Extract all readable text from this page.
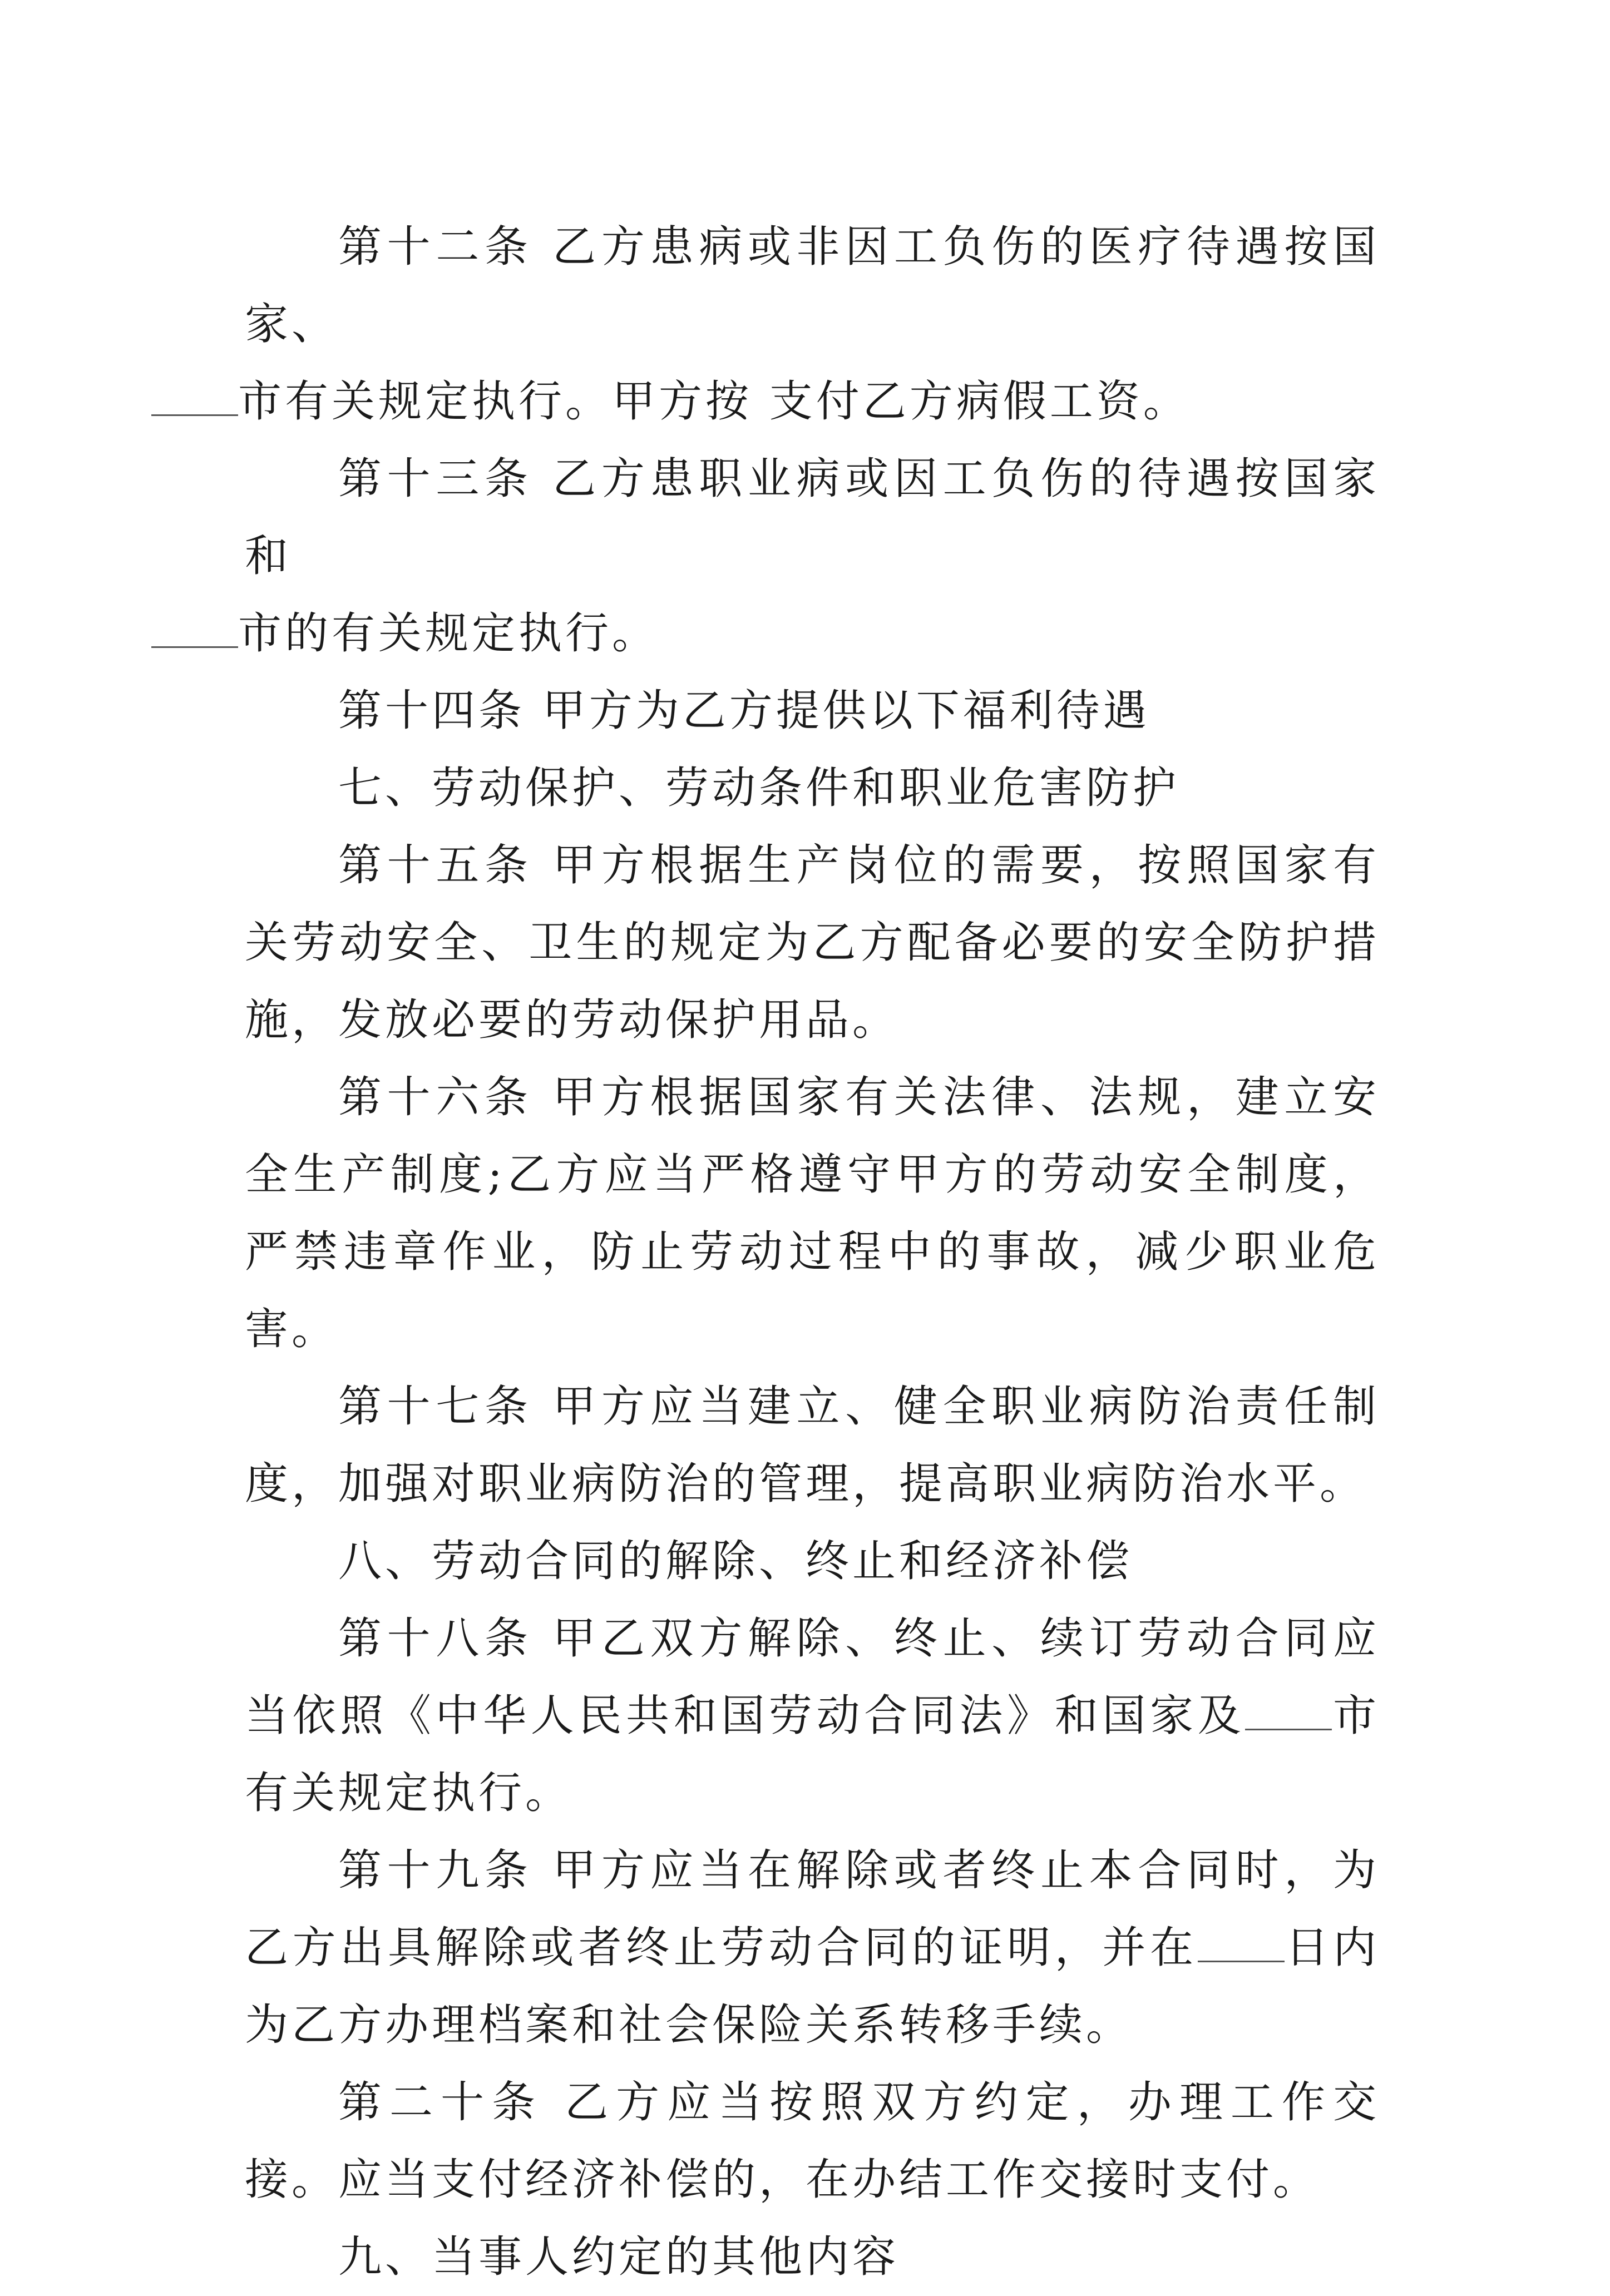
第十二条 乙方患病或非因工负伤的医疗待遇按国家、
市有关规定执行。甲方按 支付乙方病假工资。

第十三条 乙方患职业病或因工负伤的待遇按国家和
市的有关规定执行。

第十四条 甲方为乙方提供以下福利待遇

七、劳动保护、劳动条件和职业危害防护

第十五条 甲方根据生产岗位的需要，按照国家有关劳动安全、卫生的规定为乙方配备必要的安全防护措施，发放必要的劳动保护用品。

第十六条 甲方根据国家有关法律、法规，建立安全生产制度;乙方应当严格遵守甲方的劳动安全制度，严禁违章作业，防止劳动过程中的事故，减少职业危害。

第十七条 甲方应当建立、健全职业病防治责任制度，加强对职业病防治的管理，提高职业病防治水平。

八、劳动合同的解除、终止和经济补偿

第十八条 甲乙双方解除、终止、续订劳动合同应当依照《中华人民共和国劳动合同法》和国家及 市有关规定执行。

第十九条 甲方应当在解除或者终止本合同时，为乙方出具解除或者终止劳动合同的证明，并在 日内为乙方办理档案和社会保险关系转移手续。

第二十条 乙方应当按照双方约定，办理工作交接。应当支付经济补偿的，在办结工作交接时支付。

九、当事人约定的其他内容
